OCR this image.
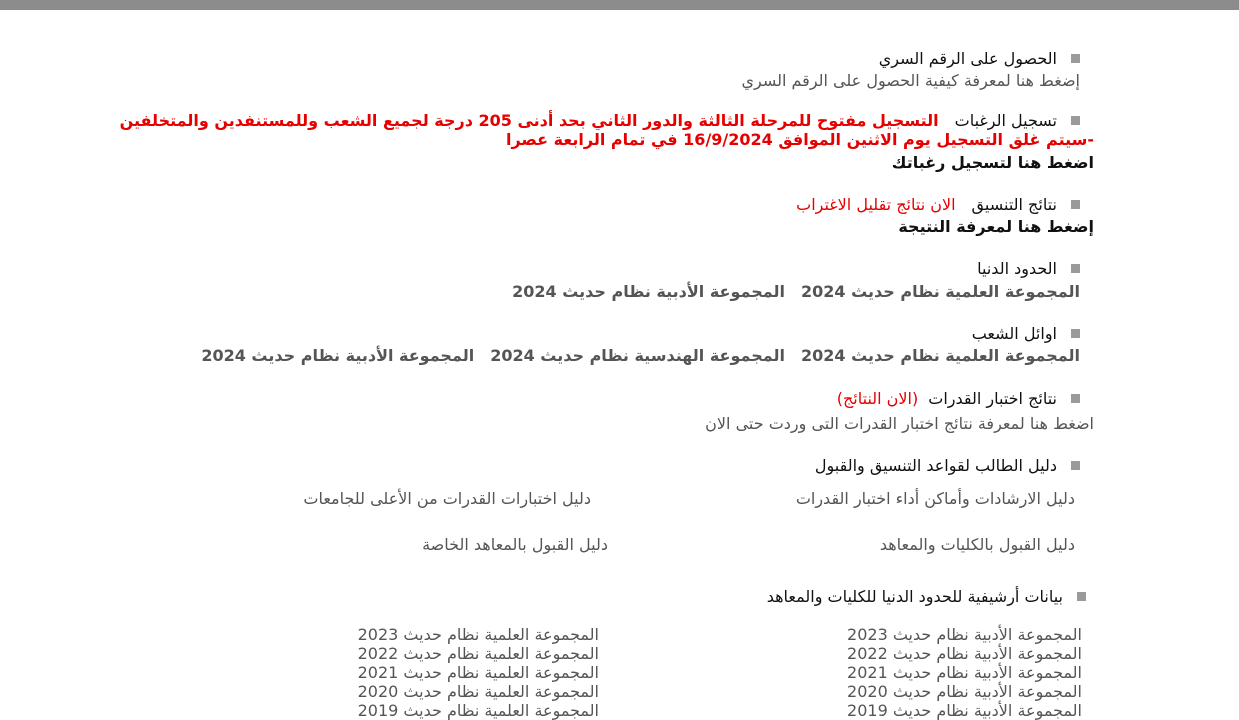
الحصول على الرقم السري
إضغط هنا لمعرفة كيفية الحصول على الرقم السري
تسجيل الرغباتالتسجيل مفتوح للمرحلة الثالثة والدور الثاني بحد أدنى 205 درجة لجميع الشعب وللمستنفدين والمتخلفين
-سيتم غلق التسجيل يوم الاثنين الموافق 16/9/2024 في تمام الرابعة عصرا
اضغط هنا لتسجيل رغباتك
نتائج التنسيقالان نتائج تقليل الاغتراب
إضغط هنا لمعرفة النتيجة
الحدود الدنيا
المجموعة العلمية نظام حديث 2024المجموعة الأدبية نظام حديث 2024
اوائل الشعب
المجموعة العلمية نظام حديث 2024المجموعة الهندسية نظام حديث 2024المجموعة الأدبية نظام حديث 2024
نتائج اختبار القدرات(الان النتائج)
اضغط هنا لمعرفة نتائج اختبار القدرات التى وردت حتى الان
دليل الطالب لقواعد التنسيق والقبول
دليل الارشادات وأماكن أداء اختبار القدرات
دليل اختبارات القدرات من الأعلى للجامعات
دليل القبول بالكليات والمعاهد
دليل القبول بالمعاهد الخاصة
بيانات أرشيفية للحدود الدنيا للكليات والمعاهد
المجموعة الأدبية نظام حديث 2023
المجموعة الأدبية نظام حديث 2022
المجموعة الأدبية نظام حديث 2021
المجموعة الأدبية نظام حديث 2020
المجموعة الأدبية نظام حديث 2019
المجموعة العلمية نظام حديث 2023
المجموعة العلمية نظام حديث 2022
المجموعة العلمية نظام حديث 2021
المجموعة العلمية نظام حديث 2020
المجموعة العلمية نظام حديث 2019
